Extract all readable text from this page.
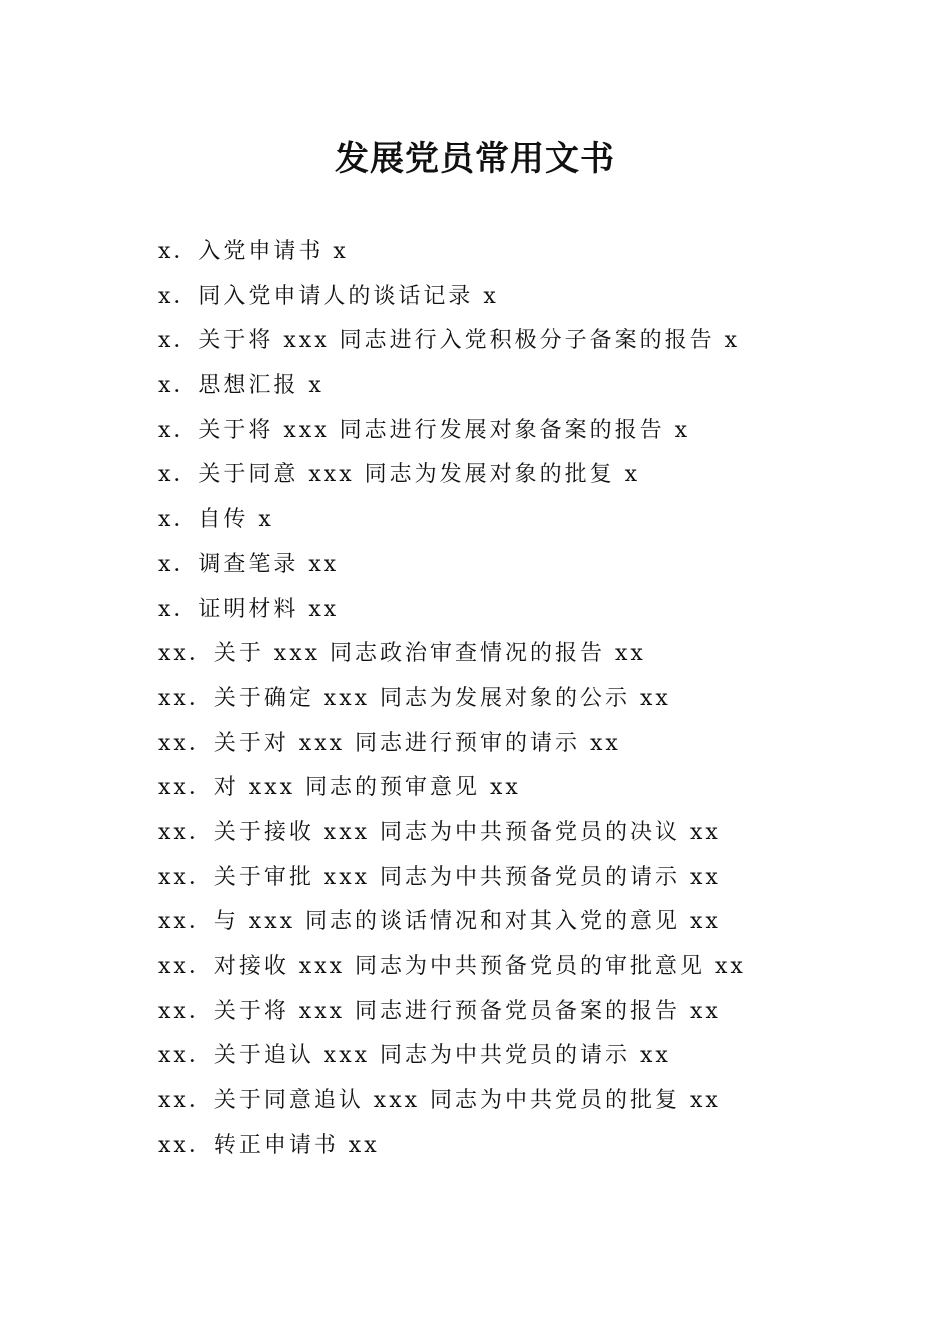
发展党员常用文书
x．入党申请书 x
x．同入党申请人的谈话记录 x
x．关于将 xxx 同志进行入党积极分子备案的报告 x
x．思想汇报 x
x．关于将 xxx 同志进行发展对象备案的报告 x
x．关于同意 xxx 同志为发展对象的批复 x
x．自传 x
x．调查笔录 xx
x．证明材料 xx
xx．关于 xxx 同志政治审查情况的报告 xx
xx．关于确定 xxx 同志为发展对象的公示 xx
xx．关于对 xxx 同志进行预审的请示 xx
xx．对 xxx 同志的预审意见 xx
xx．关于接收 xxx 同志为中共预备党员的决议 xx
xx．关于审批 xxx 同志为中共预备党员的请示 xx
xx．与 xxx 同志的谈话情况和对其入党的意见 xx
xx．对接收 xxx 同志为中共预备党员的审批意见 xx
xx．关于将 xxx 同志进行预备党员备案的报告 xx
xx．关于追认 xxx 同志为中共党员的请示 xx
xx．关于同意追认 xxx 同志为中共党员的批复 xx
xx．转正申请书 xx
